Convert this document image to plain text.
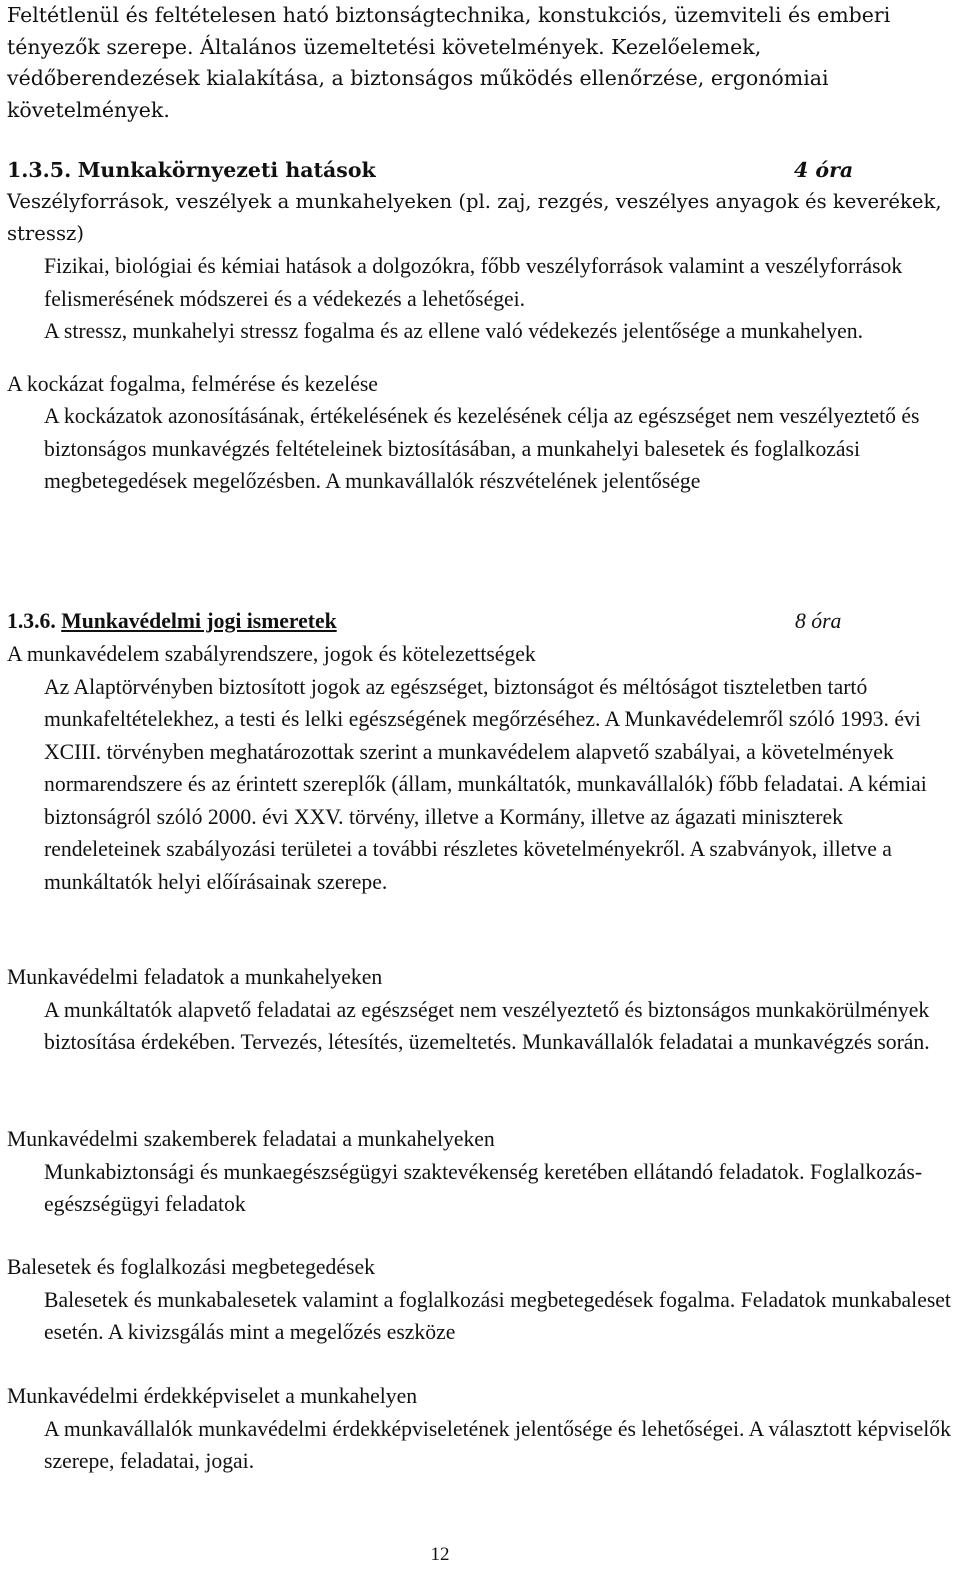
Feltétlenül és feltételesen ható biztonságtechnika, konstukciós, üzemviteli és emberi tényezők szerepe. Általános üzemeltetési követelmények. Kezelőelemek, védőberendezések kialakítása, a biztonságos működés ellenőrzése, ergonómiai követelmények.

1.3.5. Munkakörnyezeti hatások	4 óra

Veszélyforrások, veszélyek a munkahelyeken (pl. zaj, rezgés, veszélyes anyagok és keverékek, stressz)

Fizikai, biológiai és kémiai hatások a dolgozókra, főbb veszélyforrások valamint a veszélyforrások felismerésének módszerei és a védekezés a lehetőségei.

A stressz, munkahelyi stressz fogalma és az ellene való védekezés jelentősége a munkahelyen.

A kockázat fogalma, felmérése és kezelése

A kockázatok azonosításának, értékelésének és kezelésének célja az egészséget nem veszélyeztető és biztonságos munkavégzés feltételeinek biztosításában, a munkahelyi balesetek és foglalkozási megbetegedések megelőzésben. A munkavállalók részvételének jelentősége

1.3.6. Munkavédelmi jogi ismeretek	8 óra

A munkavédelem szabályrendszere, jogok és kötelezettségek

Az Alaptörvényben biztosított jogok az egészséget, biztonságot és méltóságot tiszteletben tartó munkafeltételekhez, a testi és lelki egészségének megőrzéséhez. A Munkavédelemről szóló 1993. évi XCIII. törvényben meghatározottak szerint a munkavédelem alapvető szabályai, a követelmények normarendszere és az érintett szereplők (állam, munkáltatók, munkavállalók) főbb feladatai. A kémiai biztonságról szóló 2000. évi XXV. törvény, illetve a Kormány, illetve az ágazati miniszterek rendeleteinek szabályozási területei a további részletes követelményekről. A szabványok, illetve a munkáltatók helyi előírásainak szerepe.

Munkavédelmi feladatok a munkahelyeken

A munkáltatók alapvető feladatai az egészséget nem veszélyeztető és biztonságos munkakörülmények biztosítása érdekében. Tervezés, létesítés, üzemeltetés. Munkavállalók feladatai a munkavégzés során.

Munkavédelmi szakemberek feladatai a munkahelyeken

Munkabiztonsági és munkaegészségügyi szaktevékenség keretében ellátandó feladatok. Foglalkozás-egészségügyi feladatok

Balesetek és foglalkozási megbetegedések

Balesetek és munkabalesetek valamint a foglalkozási megbetegedések fogalma. Feladatok munkabaleset esetén. A kivizsgálás mint a megelőzés eszköze

Munkavédelmi érdekképviselet a munkahelyen

A munkavállalók munkavédelmi érdekképviseletének jelentősége és lehetőségei. A választott képviselők szerepe, feladatai, jogai.

12
